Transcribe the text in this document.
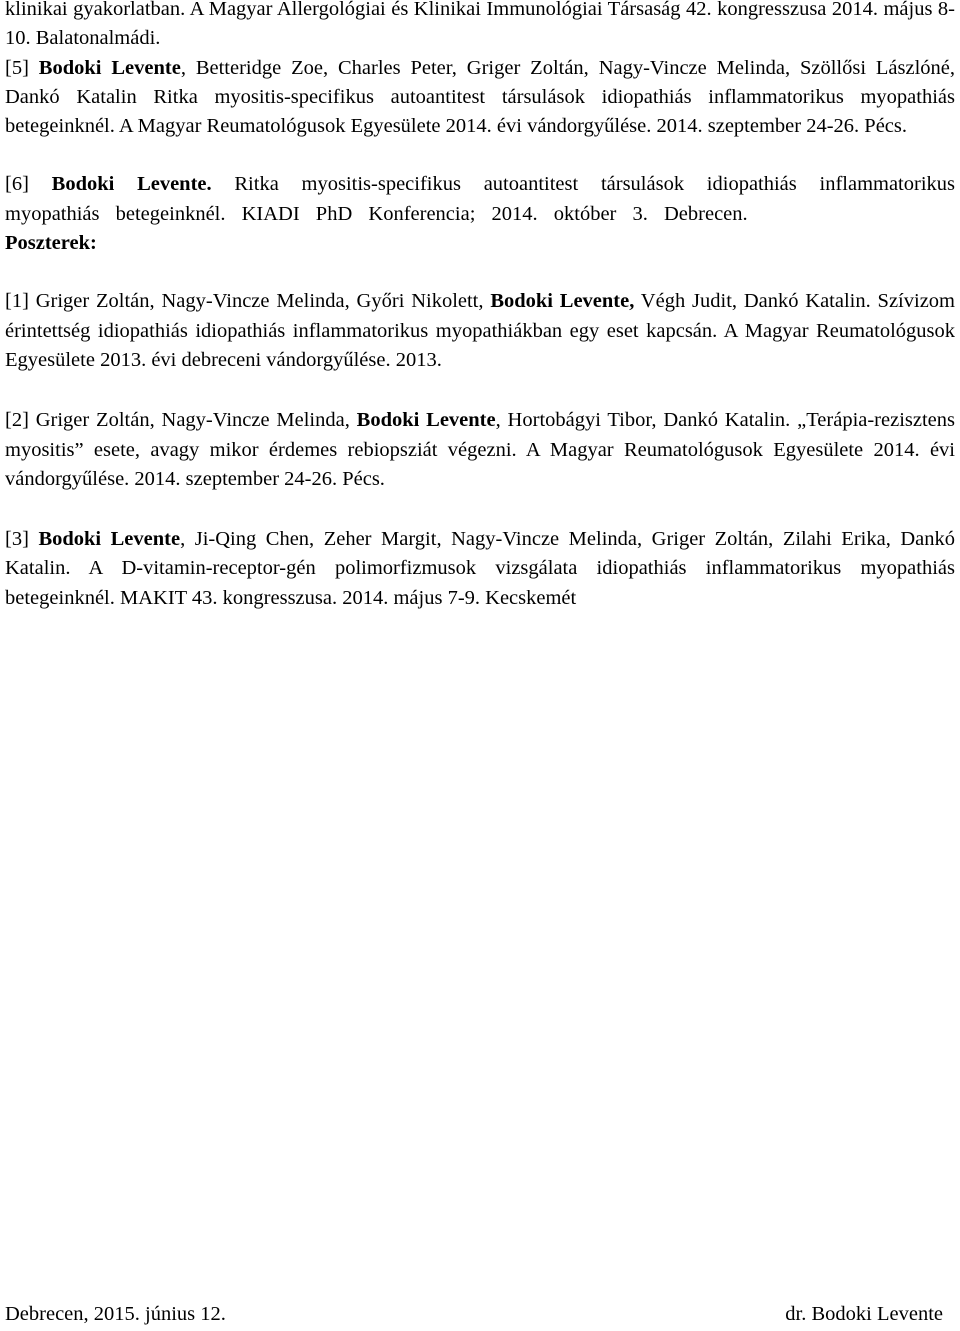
klinikai gyakorlatban. A Magyar Allergológiai és Klinikai Immunológiai Társaság 42. kongresszusa 2014. május 8-10. Balatonalmádi.

[5] Bodoki Levente, Betteridge Zoe, Charles Peter, Griger Zoltán, Nagy-Vincze Melinda, Szöllősi Lászlóné, Dankó Katalin Ritka myositis-specifikus autoantitest társulások idiopathiás inflammatorikus myopathiás betegeinknél. A Magyar Reumatológusok Egyesülete 2014. évi vándorgyűlése. 2014. szeptember 24-26. Pécs.

[6] Bodoki Levente. Ritka myositis-specifikus autoantitest társulások idiopathiás inflammatorikus myopathiás betegeinknél. KIADI PhD Konferencia; 2014. október 3. Debrecen.

Poszterek:

[1] Griger Zoltán, Nagy-Vincze Melinda, Győri Nikolett, Bodoki Levente, Végh Judit, Dankó Katalin. Szívizom érintettség idiopathiás idiopathiás inflammatorikus myopathiákban egy eset kapcsán. A Magyar Reumatológusok Egyesülete 2013. évi debreceni vándorgyűlése. 2013.

[2] Griger Zoltán, Nagy-Vincze Melinda, Bodoki Levente, Hortobágyi Tibor, Dankó Katalin. „Terápia-rezisztens myositis” esete, avagy mikor érdemes rebiopsziát végezni. A Magyar Reumatológusok Egyesülete 2014. évi vándorgyűlése. 2014. szeptember 24-26. Pécs.

[3] Bodoki Levente, Ji-Qing Chen, Zeher Margit, Nagy-Vincze Melinda, Griger Zoltán, Zilahi Erika, Dankó Katalin. A D-vitamin-receptor-gén polimorfizmusok vizsgálata idiopathiás inflammatorikus myopathiás betegeinknél. MAKIT 43. kongresszusa. 2014. május 7-9. Kecskemét

Debrecen, 2015. június 12.	dr. Bodoki Levente
